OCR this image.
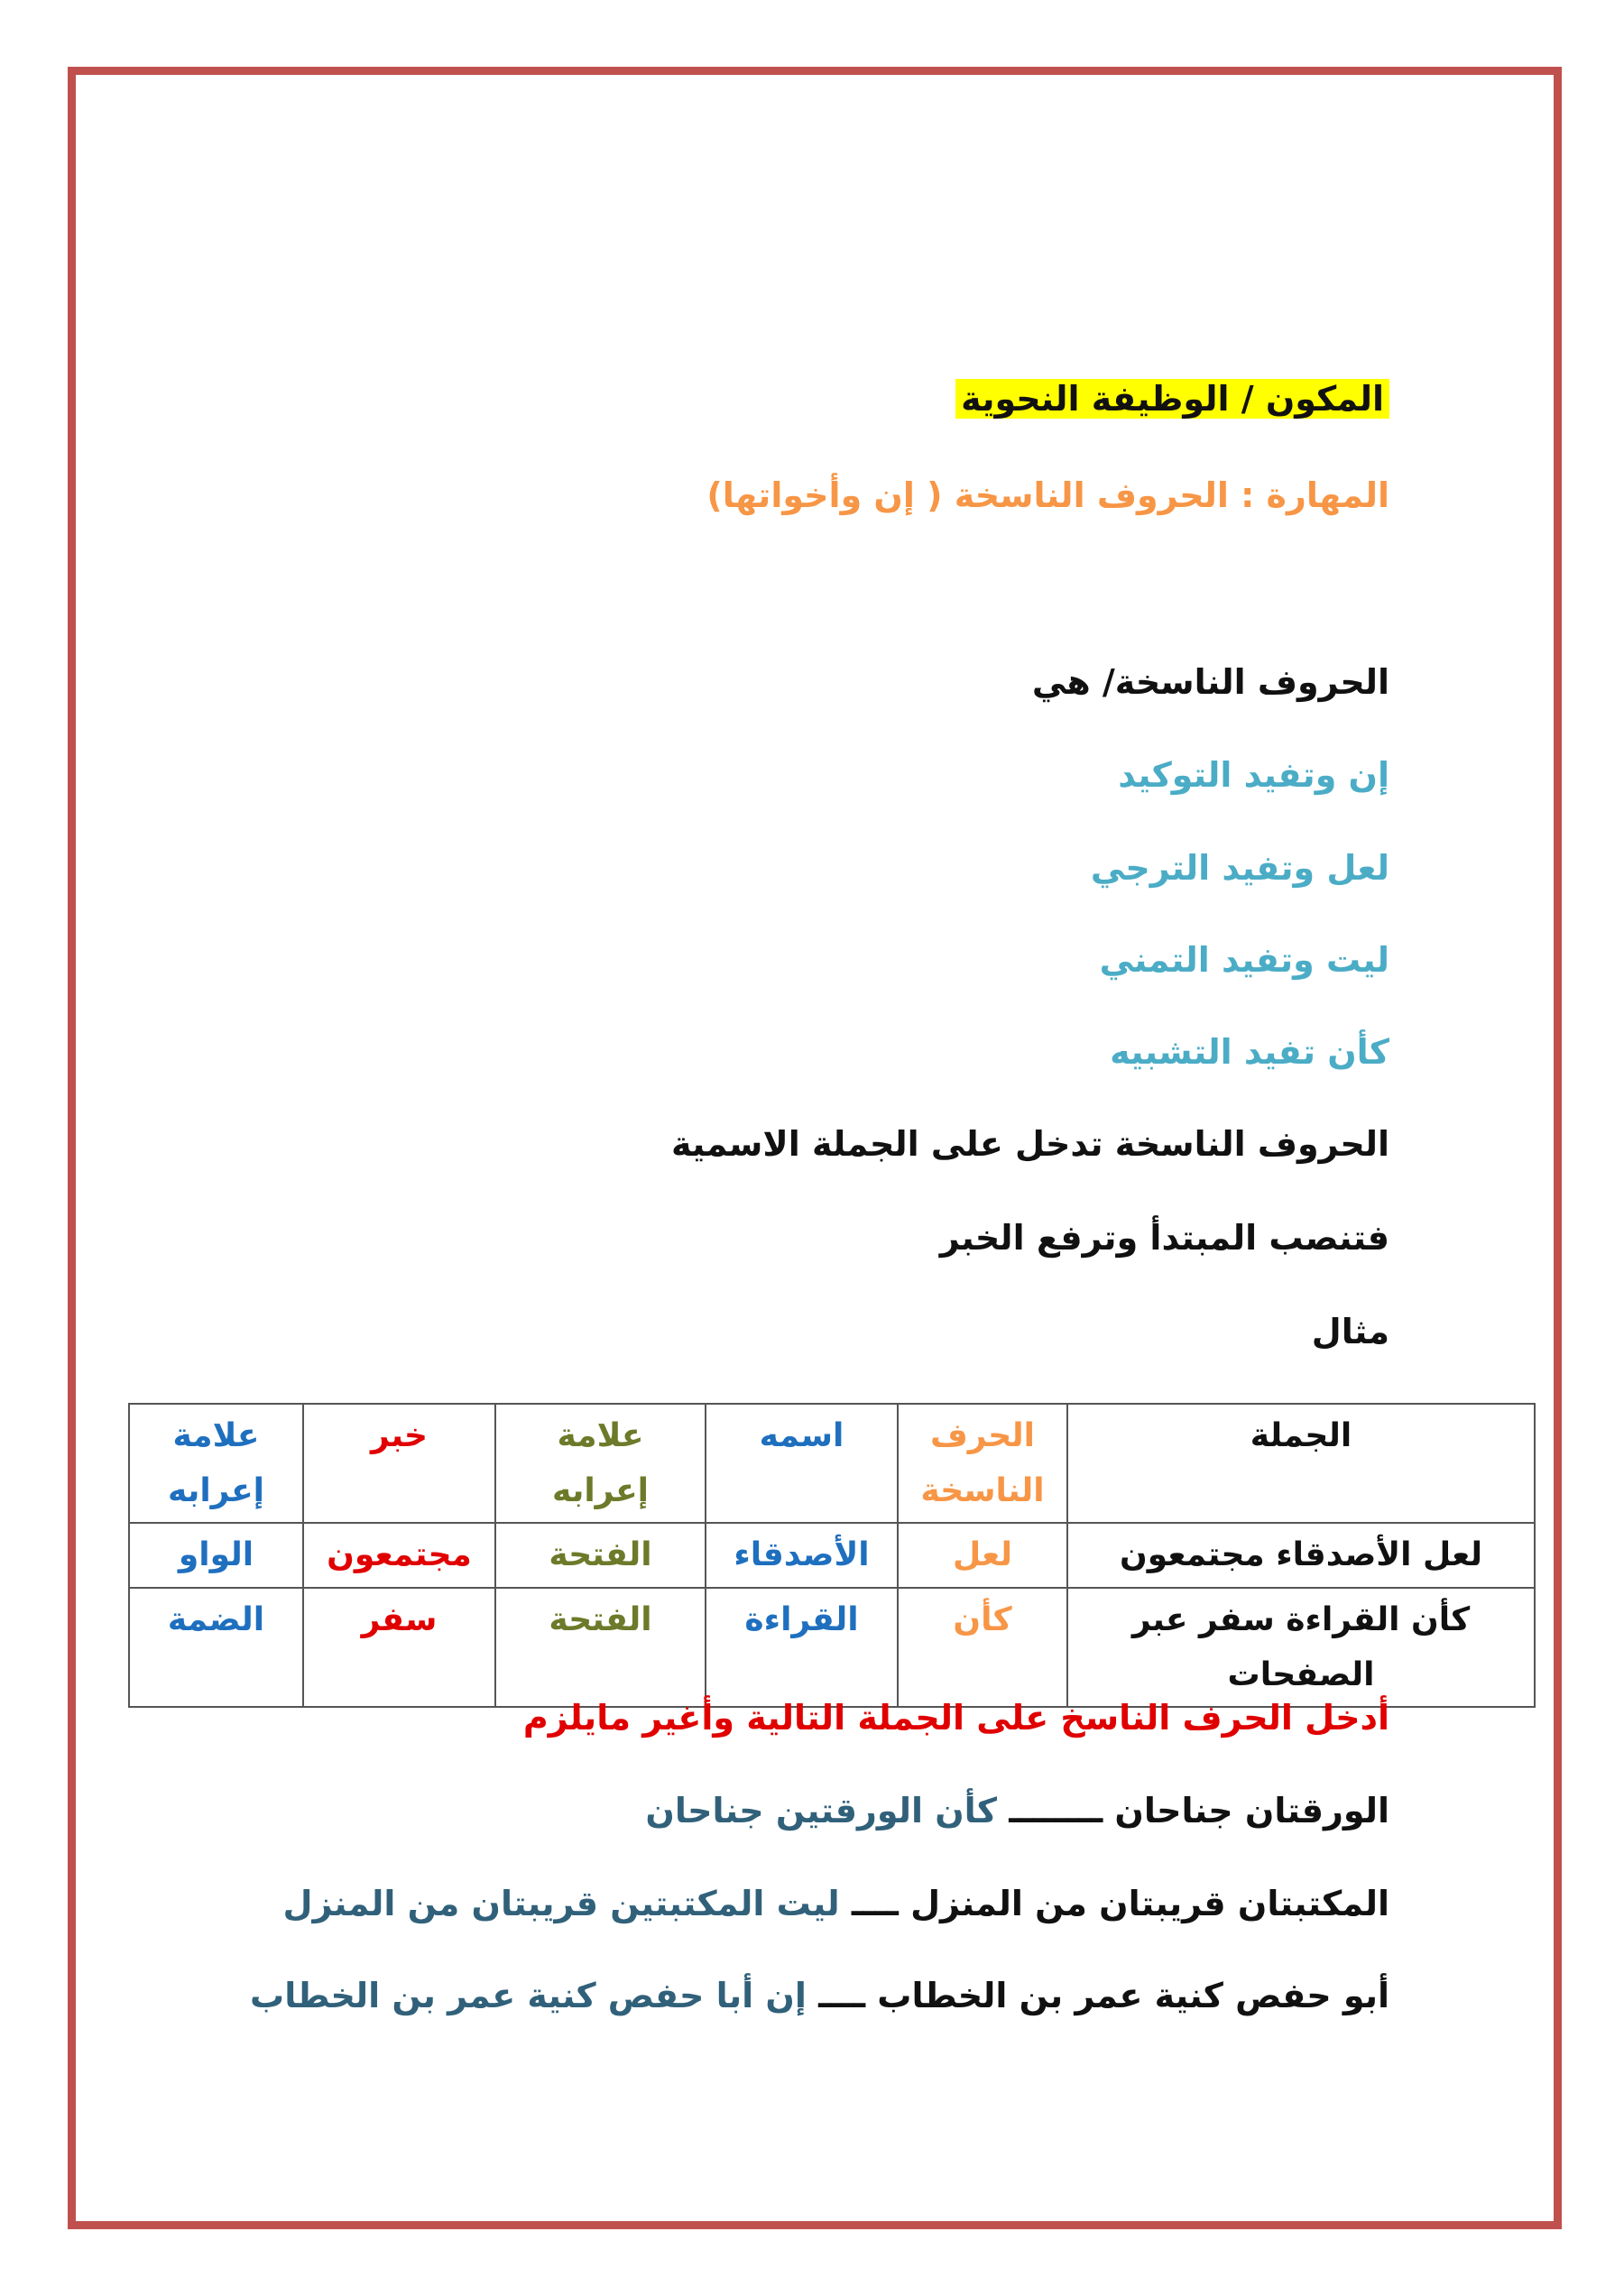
المكون / الوظيفة النحوية
المهارة : الحروف الناسخة ( إن وأخواتها)
الحروف الناسخة/ هي
إن وتفيد التوكيد
لعل وتفيد الترجي
ليت وتفيد التمني
كأن تفيد التشبيه
الحروف الناسخة تدخل على الجملة الاسمية
فتنصب المبتدأ وترفع الخبر
مثال
الجملة	الحرف الناسخة	اسمه	علامة إعرابه	خبر	علامة إعرابه
لعل الأصدقاء مجتمعون	لعل	الأصدقاء	الفتحة	مجتمعون	الواو
كأن القراءة سفر عبر الصفحات	كأن	القراءة	الفتحة	سفر	الضمة
أدخل الحرف الناسخ على الجملة التالية وأغير مايلزم
الورقتان جناحان ــــــــ كأن الورقتين جناحان
المكتبتان قريبتان من المنزل ــــ ليت المكتبتين قريبتان من المنزل
أبو حفص كنية عمر بن الخطاب ــــ إن أبا حفص كنية عمر بن الخطاب
